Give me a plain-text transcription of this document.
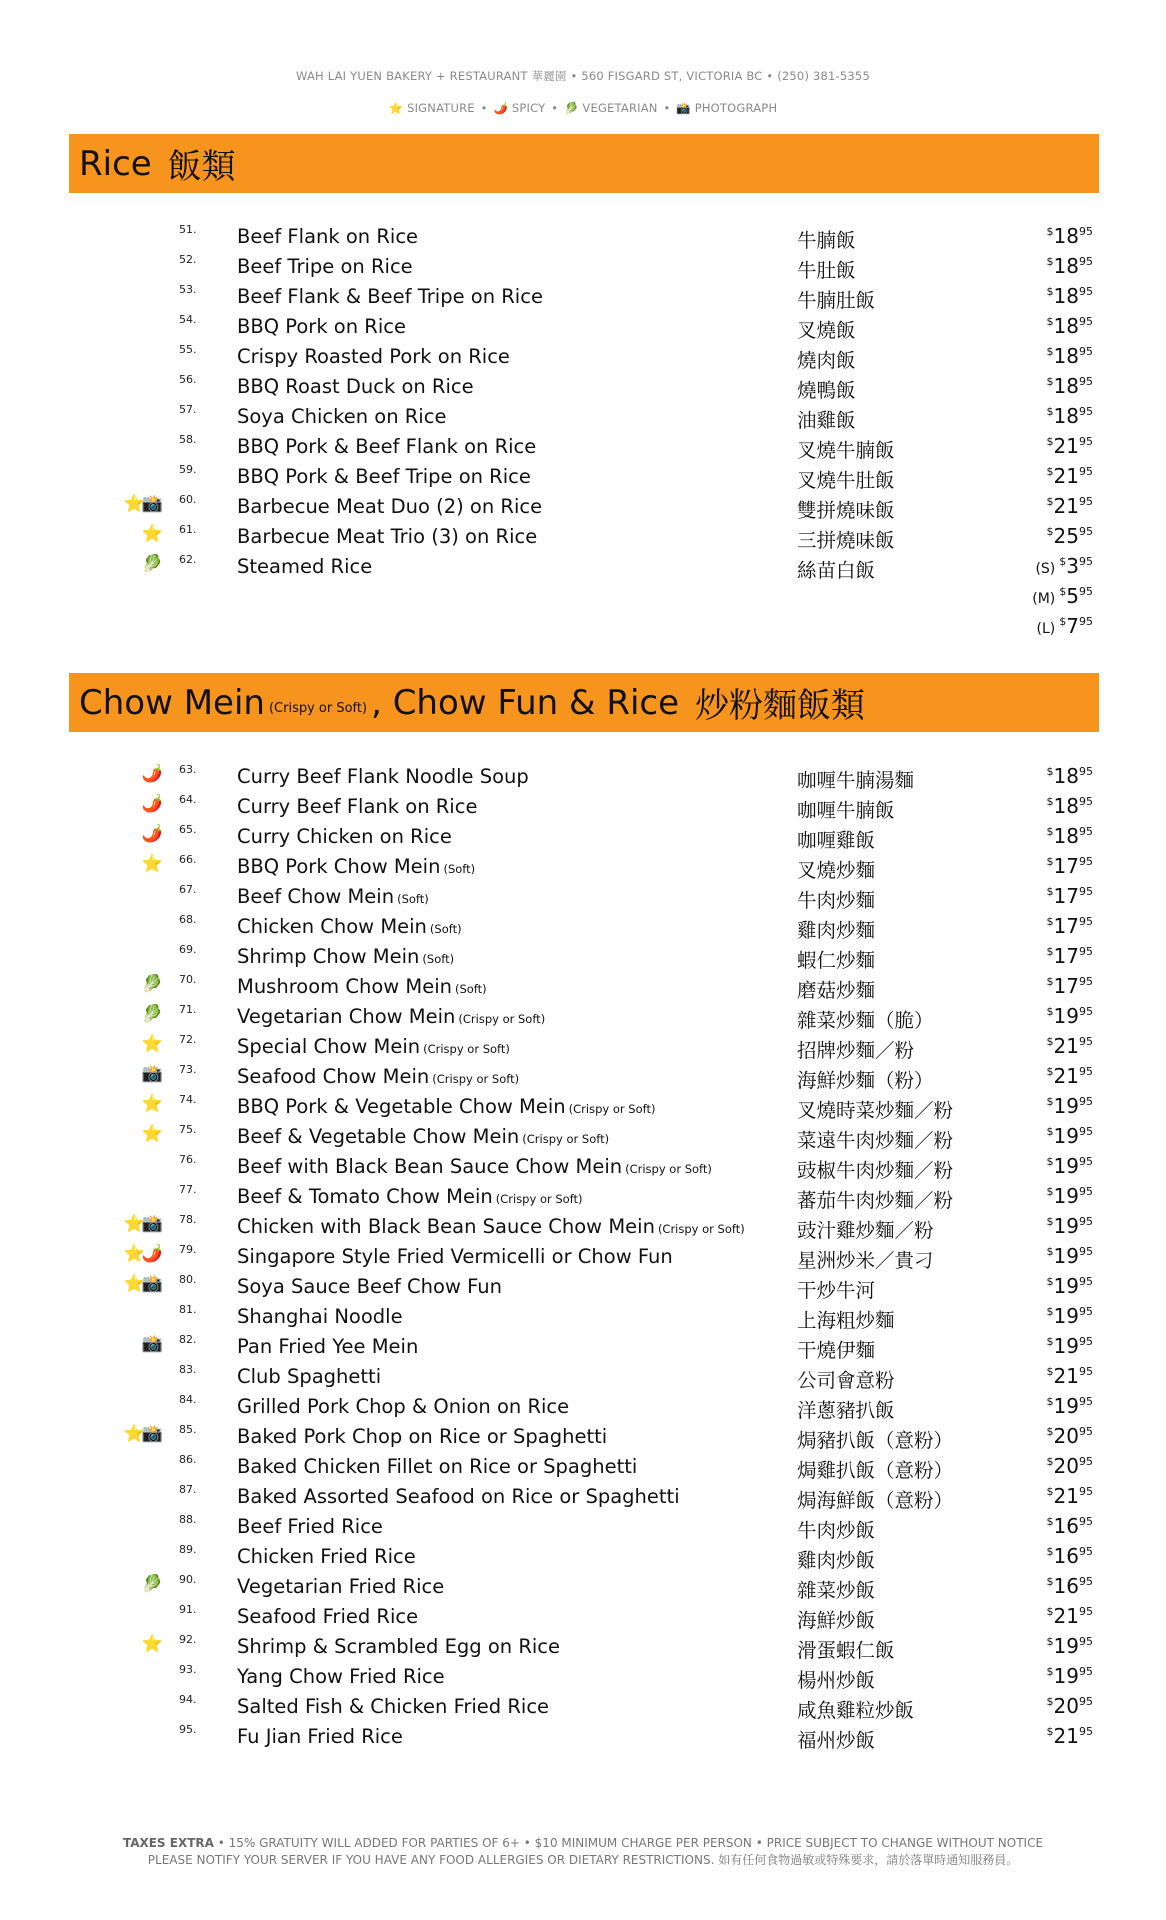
WAH LAI YUEN BAKERY + RESTAURANT 華麗園 • 560 FISGARD ST, VICTORIA BC • (250) 381-5355
⭐ SIGNATURE • 🌶️ SPICY • 🥬 VEGETARIAN • 📸 PHOTOGRAPH
Rice 飯類
51. Beef Flank on Rice	牛腩飯	$^{\$}18^{95}$
52. Beef Tripe on Rice	牛肚飯	$^{\$}18^{95}$
53. Beef Flank & Beef Tripe on Rice	牛腩肚飯	$^{\$}18^{95}$
54. BBQ Pork on Rice	叉燒飯	$^{\$}18^{95}$
55. Crispy Roasted Pork on Rice	燒肉飯	$^{\$}18^{95}$
56. BBQ Roast Duck on Rice	燒鴨飯	$^{\$}18^{95}$
57. Soya Chicken on Rice	油雞飯	$^{\$}18^{95}$
58. BBQ Pork & Beef Flank on Rice	叉燒牛腩飯	$^{\$}21^{95}$
59. BBQ Pork & Beef Tripe on Rice	叉燒牛肚飯	$^{\$}21^{95}$
⭐📸 60. Barbecue Meat Duo (2) on Rice	雙拼燒味飯	$^{\$}21^{95}$
⭐ 61. Barbecue Meat Trio (3) on Rice	三拼燒味飯	$^{\$}25^{95}$
🥬 62. Steamed Rice	絲苗白飯	(S) $^{\$}3^{95}$
(M) $^{\$}5^{95}$
(L) $^{\$}7^{95}$
Chow Mein (Crispy or Soft) , Chow Fun & Rice 炒粉麵飯類
🌶️ 63. Curry Beef Flank Noodle Soup	咖喱牛腩湯麵	$^{\$}18^{95}$
🌶️ 64. Curry Beef Flank on Rice	咖喱牛腩飯	$^{\$}18^{95}$
🌶️ 65. Curry Chicken on Rice	咖喱雞飯	$^{\$}18^{95}$
⭐ 66. BBQ Pork Chow Mein (Soft)	叉燒炒麵	$^{\$}17^{95}$
67. Beef Chow Mein (Soft)	牛肉炒麵	$^{\$}17^{95}$
68. Chicken Chow Mein (Soft)	雞肉炒麵	$^{\$}17^{95}$
69. Shrimp Chow Mein (Soft)	蝦仁炒麵	$^{\$}17^{95}$
🥬 70. Mushroom Chow Mein (Soft)	磨菇炒麵	$^{\$}17^{95}$
🥬 71. Vegetarian Chow Mein (Crispy or Soft)	雜菜炒麵（脆）	$^{\$}19^{95}$
⭐ 72. Special Chow Mein (Crispy or Soft)	招牌炒麵／粉	$^{\$}21^{95}$
📸 73. Seafood Chow Mein (Crispy or Soft)	海鮮炒麵（粉）	$^{\$}21^{95}$
⭐ 74. BBQ Pork & Vegetable Chow Mein (Crispy or Soft)	叉燒時菜炒麵／粉	$^{\$}19^{95}$
⭐ 75. Beef & Vegetable Chow Mein (Crispy or Soft)	菜遠牛肉炒麵／粉	$^{\$}19^{95}$
76. Beef with Black Bean Sauce Chow Mein (Crispy or Soft)	豉椒牛肉炒麵／粉	$^{\$}19^{95}$
77. Beef & Tomato Chow Mein (Crispy or Soft)	蕃茄牛肉炒麵／粉	$^{\$}19^{95}$
⭐📸 78. Chicken with Black Bean Sauce Chow Mein (Crispy or Soft)	豉汁雞炒麵／粉	$^{\$}19^{95}$
⭐🌶️ 79. Singapore Style Fried Vermicelli or Chow Fun	星洲炒米／貴刁	$^{\$}19^{95}$
⭐📸 80. Soya Sauce Beef Chow Fun	干炒牛河	$^{\$}19^{95}$
81. Shanghai Noodle	上海粗炒麵	$^{\$}19^{95}$
📸 82. Pan Fried Yee Mein	干燒伊麵	$^{\$}19^{95}$
83. Club Spaghetti	公司會意粉	$^{\$}21^{95}$
84. Grilled Pork Chop & Onion on Rice	洋蔥豬扒飯	$^{\$}19^{95}$
⭐📸 85. Baked Pork Chop on Rice or Spaghetti	焗豬扒飯（意粉）	$^{\$}20^{95}$
86. Baked Chicken Fillet on Rice or Spaghetti	焗雞扒飯（意粉）	$^{\$}20^{95}$
87. Baked Assorted Seafood on Rice or Spaghetti	焗海鮮飯（意粉）	$^{\$}21^{95}$
88. Beef Fried Rice	牛肉炒飯	$^{\$}16^{95}$
89. Chicken Fried Rice	雞肉炒飯	$^{\$}16^{95}$
🥬 90. Vegetarian Fried Rice	雜菜炒飯	$^{\$}16^{95}$
91. Seafood Fried Rice	海鮮炒飯	$^{\$}21^{95}$
⭐ 92. Shrimp & Scrambled Egg on Rice	滑蛋蝦仁飯	$^{\$}19^{95}$
93. Yang Chow Fried Rice	楊州炒飯	$^{\$}19^{95}$
94. Salted Fish & Chicken Fried Rice	咸魚雞粒炒飯	$^{\$}20^{95}$
95. Fu Jian Fried Rice	福州炒飯	$^{\$}21^{95}$
TAXES EXTRA • 15% GRATUITY WILL ADDED FOR PARTIES OF 6+ • $10 MINIMUM CHARGE PER PERSON • PRICE SUBJECT TO CHANGE WITHOUT NOTICE
PLEASE NOTIFY YOUR SERVER IF YOU HAVE ANY FOOD ALLERGIES OR DIETARY RESTRICTIONS. 如有任何食物過敏或特殊要求，請於落單時通知服務員。
